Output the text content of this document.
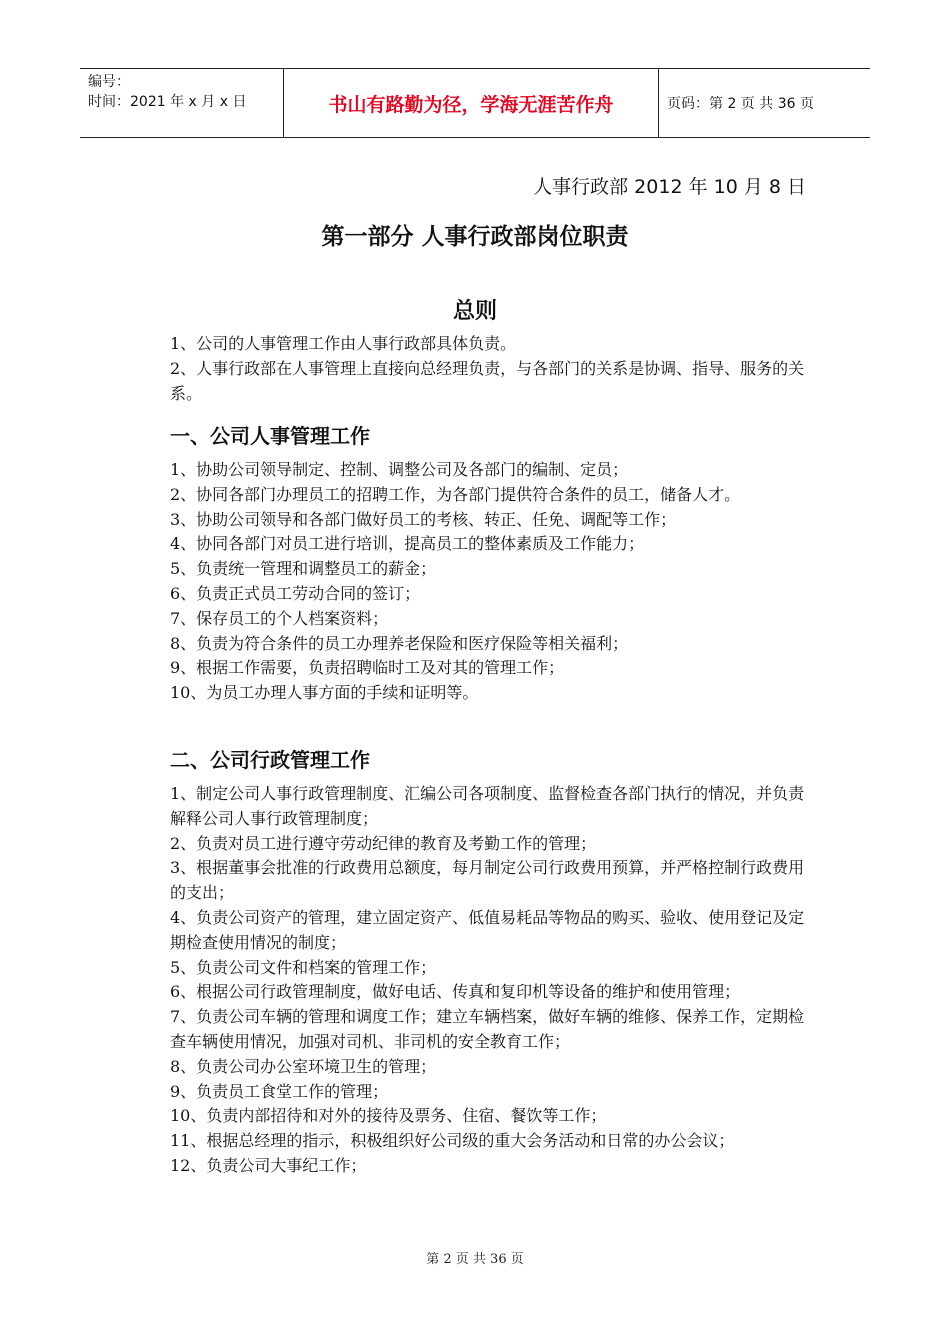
编号：
时间：2021 年 x 月 x 日	书山有路勤为径，学海无涯苦作舟	页码：第 2 页 共 36 页
人事行政部 2012 年 10 月 8 日
第一部分 人事行政部岗位职责
总则

1、公司的人事管理工作由人事行政部具体负责。

2、人事行政部在人事管理上直接向总经理负责，与各部门的关系是协调、指导、服务的关系。

一、公司人事管理工作

1、协助公司领导制定、控制、调整公司及各部门的编制、定员；

2、协同各部门办理员工的招聘工作，为各部门提供符合条件的员工，储备人才。

3、协助公司领导和各部门做好员工的考核、转正、任免、调配等工作；

4、协同各部门对员工进行培训，提高员工的整体素质及工作能力；

5、负责统一管理和调整员工的薪金；

6、负责正式员工劳动合同的签订；

7、保存员工的个人档案资料；

8、负责为符合条件的员工办理养老保险和医疗保险等相关福利；

9、根据工作需要，负责招聘临时工及对其的管理工作；

10、为员工办理人事方面的手续和证明等。

二、公司行政管理工作

1、制定公司人事行政管理制度、汇编公司各项制度、监督检查各部门执行的情况，并负责解释公司人事行政管理制度；

2、负责对员工进行遵守劳动纪律的教育及考勤工作的管理；

3、根据董事会批准的行政费用总额度，每月制定公司行政费用预算，并严格控制行政费用的支出；

4、负责公司资产的管理，建立固定资产、低值易耗品等物品的购买、验收、使用登记及定期检查使用情况的制度；

5、负责公司文件和档案的管理工作；

6、根据公司行政管理制度，做好电话、传真和复印机等设备的维护和使用管理；

7、负责公司车辆的管理和调度工作；建立车辆档案，做好车辆的维修、保养工作，定期检查车辆使用情况，加强对司机、非司机的安全教育工作；

8、负责公司办公室环境卫生的管理；

9、负责员工食堂工作的管理；

10、负责内部招待和对外的接待及票务、住宿、餐饮等工作；

11、根据总经理的指示，积极组织好公司级的重大会务活动和日常的办公会议；

12、负责公司大事纪工作；

第 2 页 共 36 页
